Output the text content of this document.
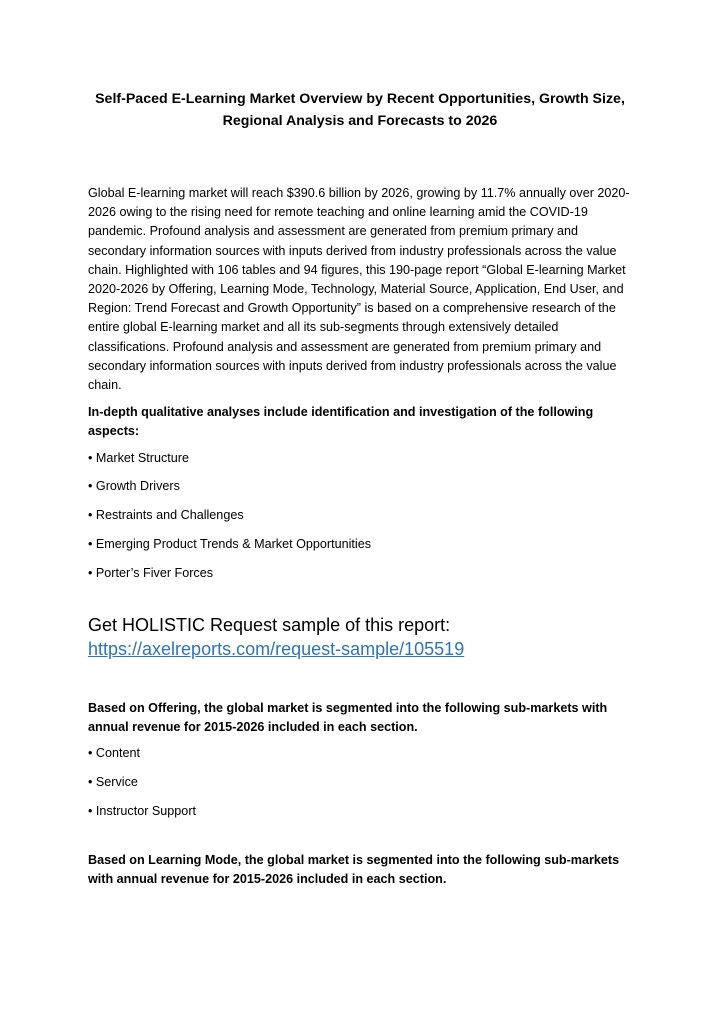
Self-Paced E-Learning Market Overview by Recent Opportunities, Growth Size, Regional Analysis and Forecasts to 2026

Global E-learning market will reach $390.6 billion by 2026, growing by 11.7% annually over 2020-2026 owing to the rising need for remote teaching and online learning amid the COVID-19 pandemic. Profound analysis and assessment are generated from premium primary and secondary information sources with inputs derived from industry professionals across the value chain. Highlighted with 106 tables and 94 figures, this 190-page report “Global E-learning Market 2020-2026 by Offering, Learning Mode, Technology, Material Source, Application, End User, and Region: Trend Forecast and Growth Opportunity” is based on a comprehensive research of the entire global E-learning market and all its sub-segments through extensively detailed classifications. Profound analysis and assessment are generated from premium primary and secondary information sources with inputs derived from industry professionals across the value chain.

In-depth qualitative analyses include identification and investigation of the following aspects:

• Market Structure
• Growth Drivers
• Restraints and Challenges
• Emerging Product Trends & Market Opportunities
• Porter’s Fiver Forces

Get HOLISTIC Request sample of this report:

https://axelreports.com/request-sample/105519

Based on Offering, the global market is segmented into the following sub-markets with annual revenue for 2015-2026 included in each section.

• Content
• Service
• Instructor Support

Based on Learning Mode, the global market is segmented into the following sub-markets with annual revenue for 2015-2026 included in each section.
